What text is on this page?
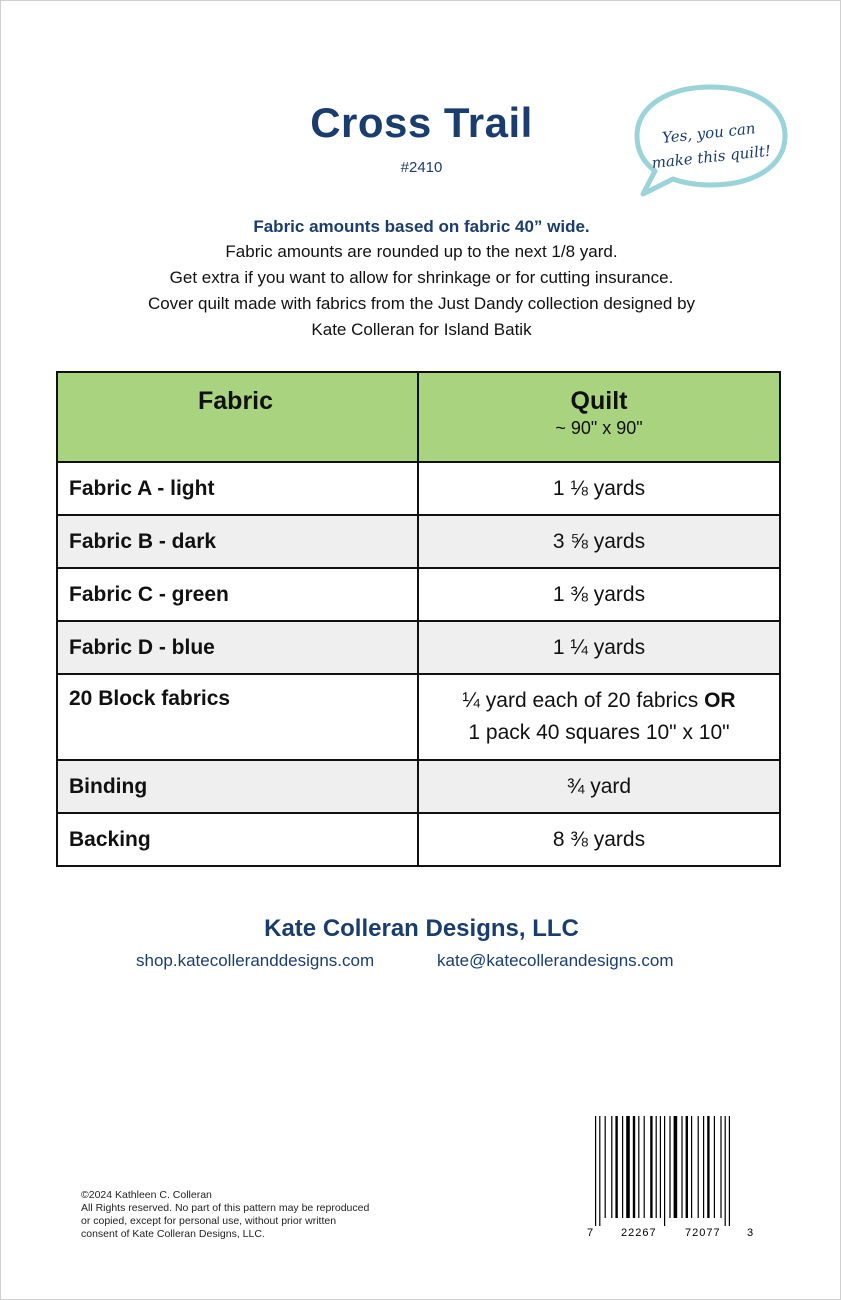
Cross Trail
#2410
Yes, you can
make this quilt!
Fabric amounts based on fabric 40” wide.
Fabric amounts are rounded up to the next 1/8 yard.
Get extra if you want to allow for shrinkage or for cutting insurance.
Cover quilt made with fabrics from the Just Dandy collection designed by
Kate Colleran for Island Batik
Fabric	Quilt
~ 90" x 90"

Fabric A - light	1 ⅛ yards
Fabric B - dark	3 ⅝ yards
Fabric C - green	1 ⅜ yards
Fabric D - blue	1 ¼ yards
20 Block fabrics	¼ yard each of 20 fabrics OR
1 pack 40 squares 10" x 10"

Binding	¾ yard
Backing	8 ⅜ yards
Kate Colleran Designs, LLC
shop.katecolleranddesigns.com	kate@katecollerandesigns.com
©2024 Kathleen C. Colleran
All Rights reserved. No part of this pattern may be reproduced
or copied, except for personal use, without prior written
consent of Kate Colleran Designs, LLC.	7	22267	72077 3
